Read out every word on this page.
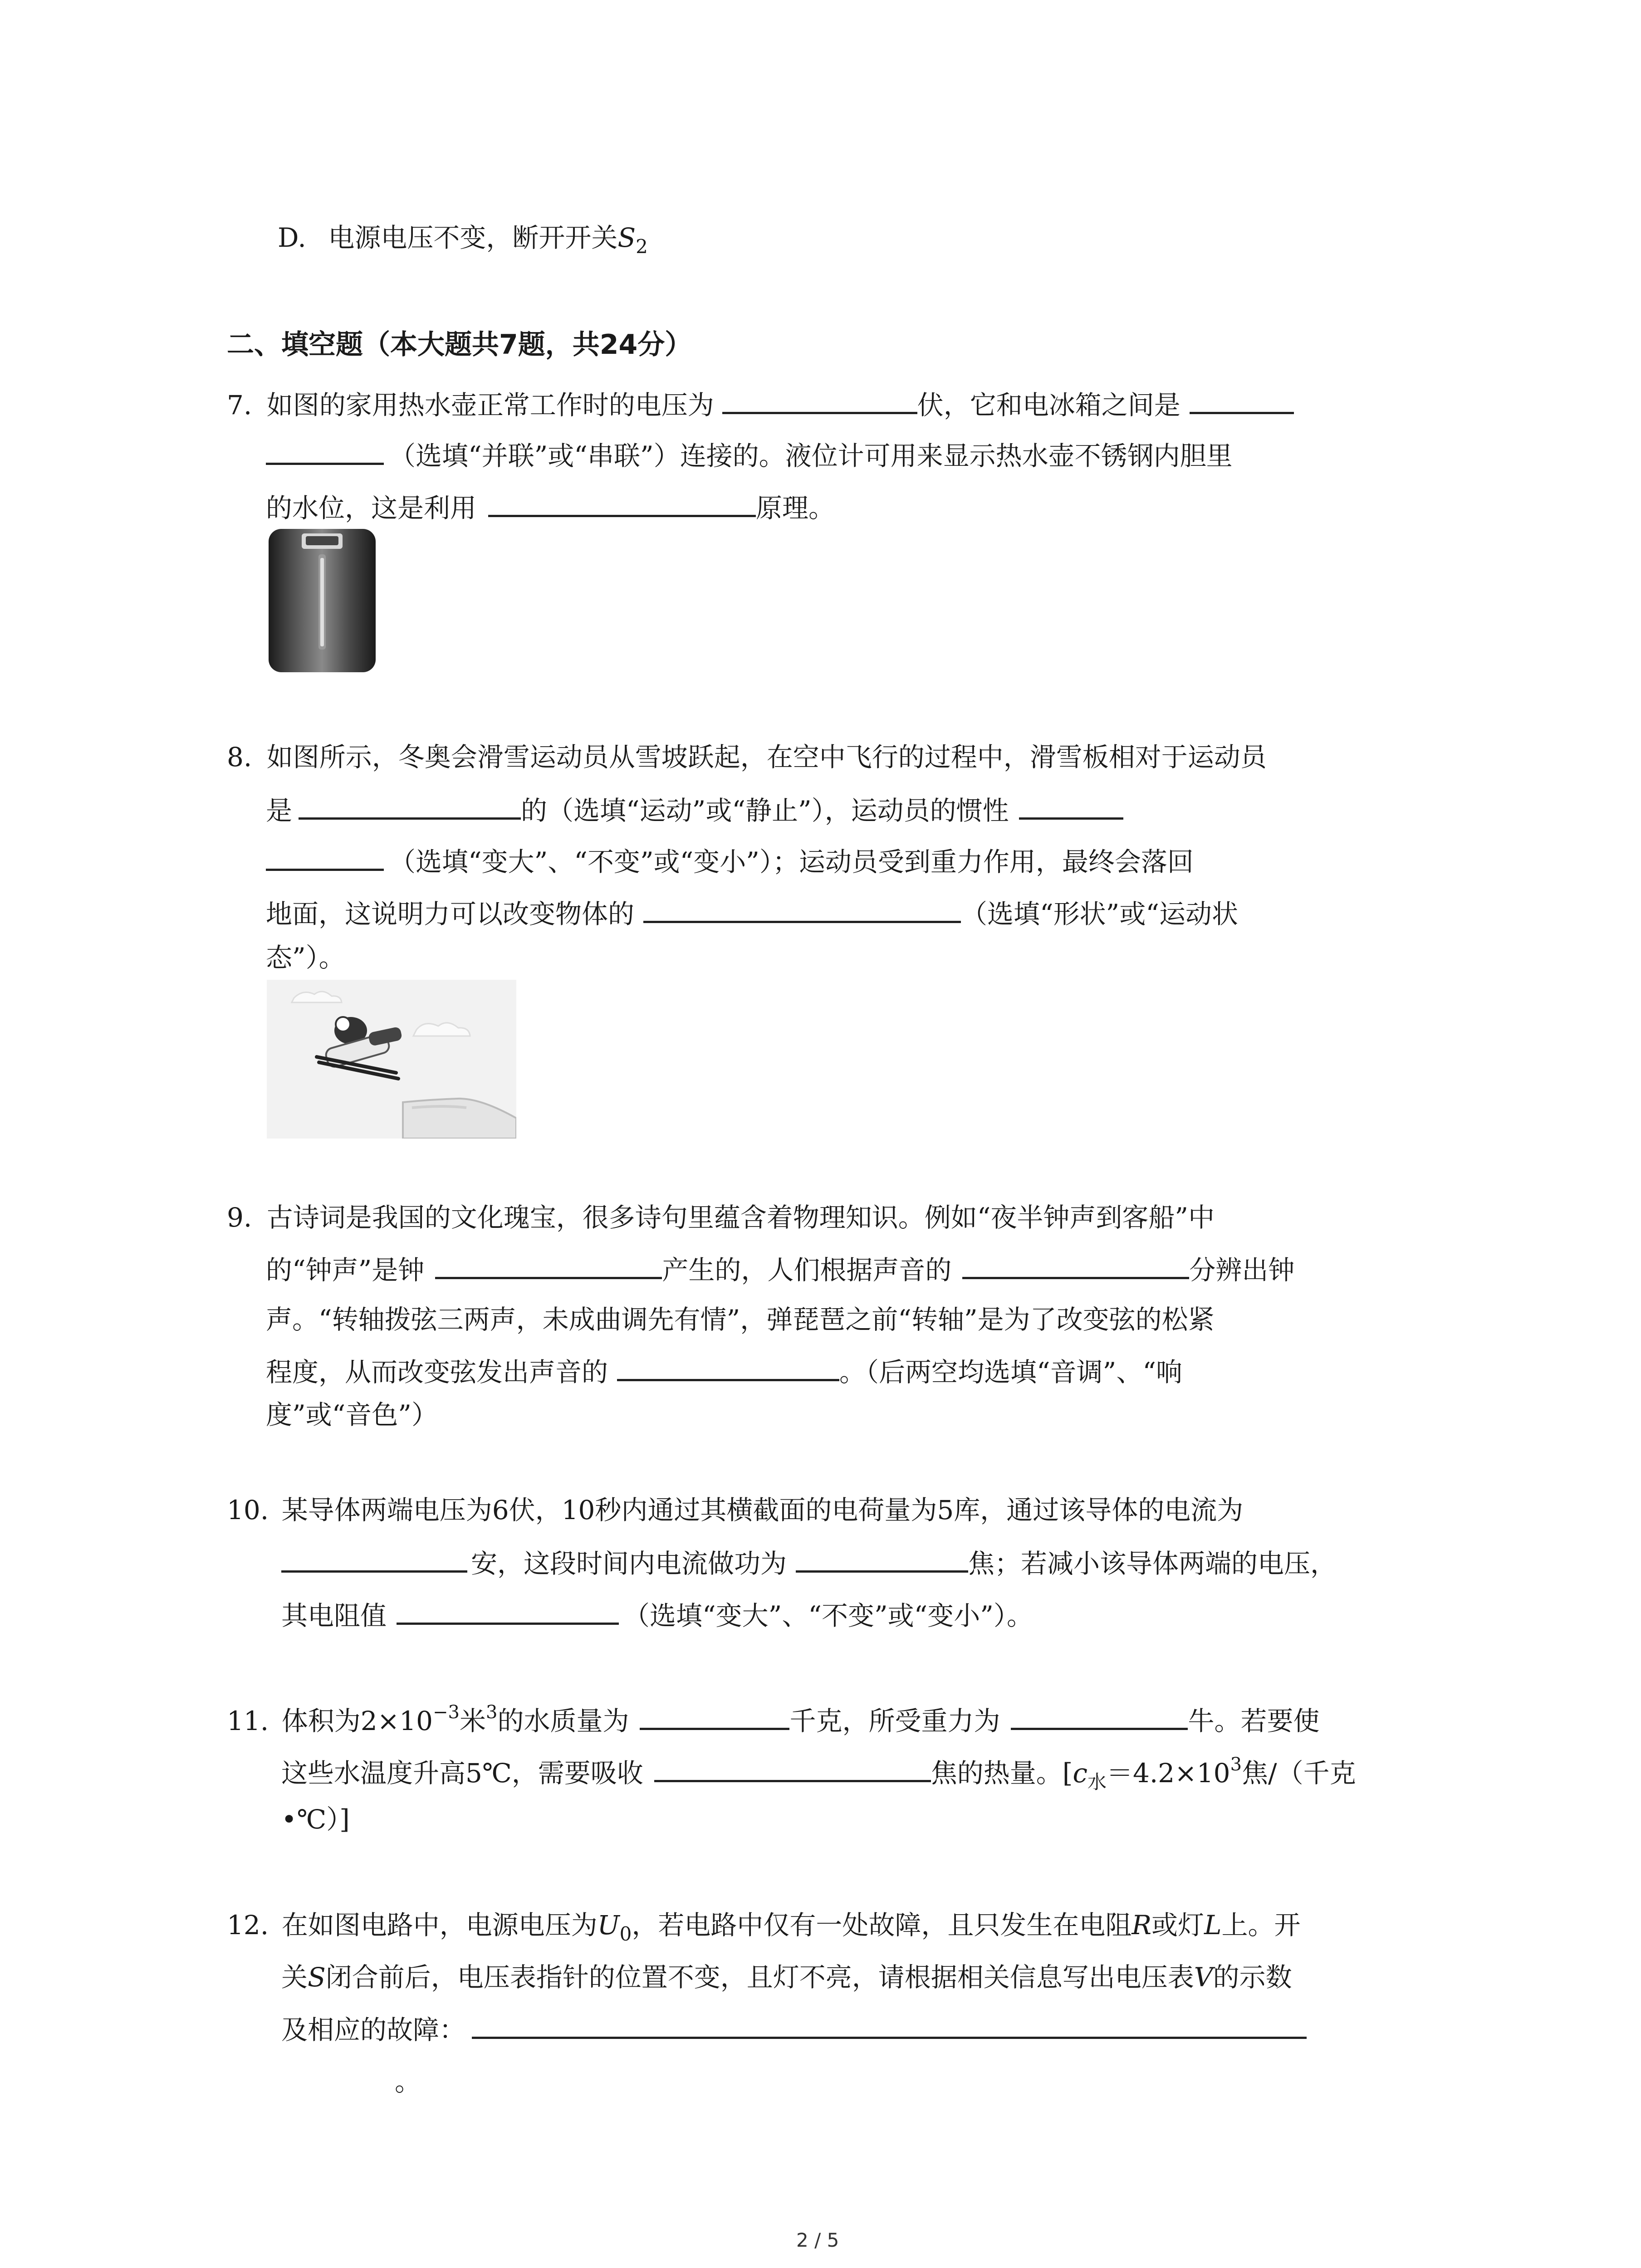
D. 电源电压不变，断开开关$S_2$
二、填空题（本大题共7题，共24分）
7. 如图的家用热水壶正常工作时的电压为	伏，它和电冰箱之间是
（选填“并联”或“串联”）连接的。液位计可用来显示热水壶不锈钢内胆里
的水位，这是利用	原理。
8. 如图所示，冬奥会滑雪运动员从雪坡跃起，在空中飞行的过程中，滑雪板相对于运动员
是	的（选填“运动”或“静止”），运动员的惯性
（选填“变大”、“不变”或“变小”）；运动员受到重力作用，最终会落回
地面，这说明力可以改变物体的	（选填“形状”或“运动状
态”）。
9. 古诗词是我国的文化瑰宝，很多诗句里蕴含着物理知识。例如“夜半钟声到客船”中
的“钟声”是钟	产生的，人们根据声音的	分辨出钟
声。“转轴拨弦三两声，未成曲调先有情”，弹琵琶之前“转轴”是为了改变弦的松紧
程度，从而改变弦发出声音的	。（后两空均选填“音调”、“响
度”或“音色”）
10. 某导体两端电压为6伏，10秒内通过其横截面的电荷量为5库，通过该导体的电流为
安，这段时间内电流做功为	焦；若减小该导体两端的电压，
其电阻值	（选填“变大”、“不变”或“变小”）。
11. 体积为$2\times 10^{-3}$米$^3$的水质量为	千克，所受重力为	牛。若要使
这些水温度升高5℃，需要吸收	焦的热量。[$c_水=4.2\times 10^3$焦/（千克
•℃）]
12. 在如图电路中，电源电压为$U_0$，若电路中仅有一处故障，且只发生在电阻R或灯L上。开
关S闭合前后，电压表指针的位置不变，且灯不亮，请根据相关信息写出电压表V的示数
及相应的故障：
。
2 / 5
